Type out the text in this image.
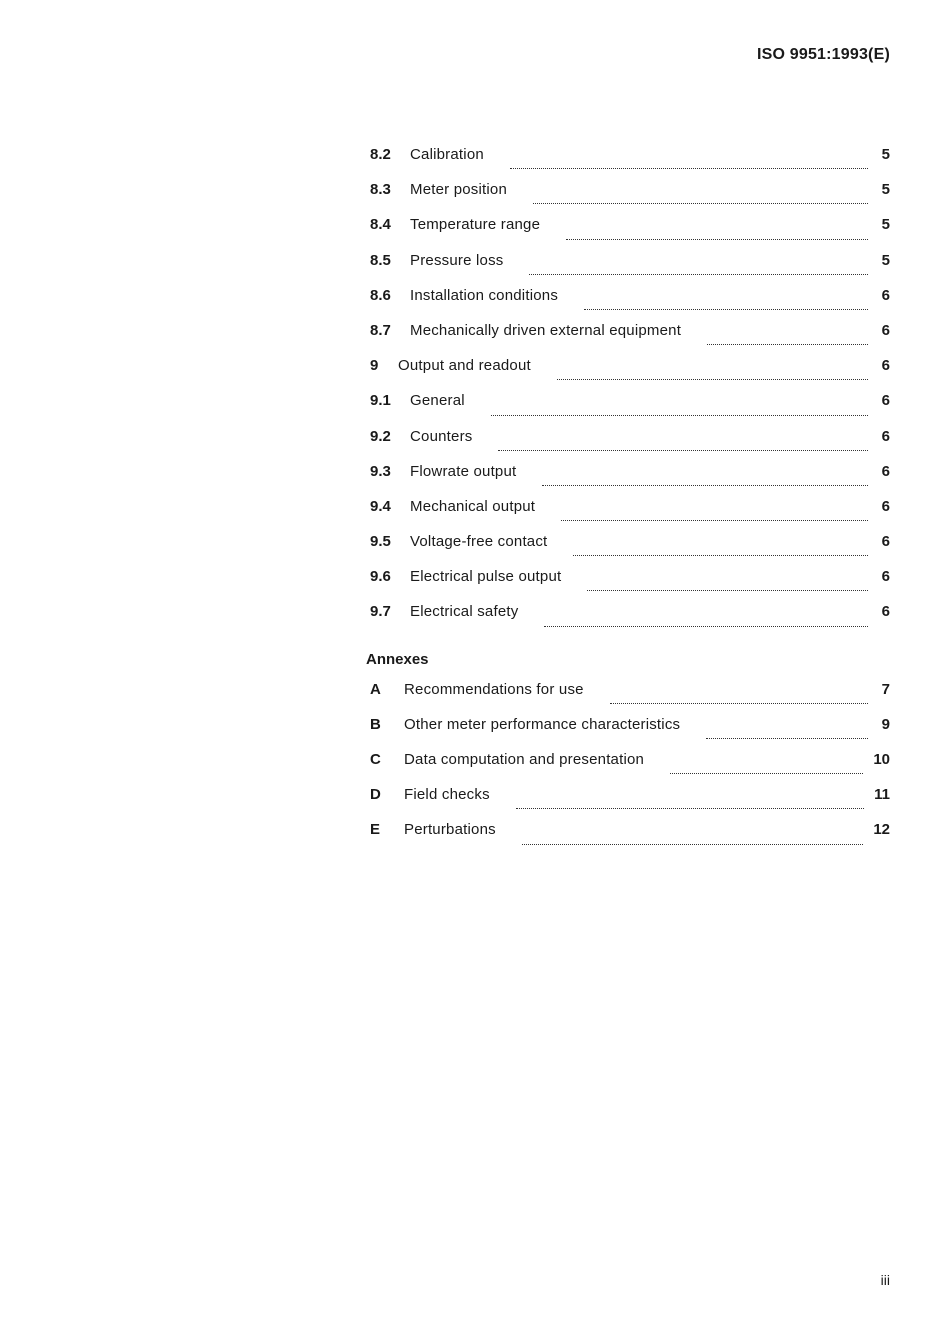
ISO 9951:1993(E)
8.2	Calibration	5
8.3	Meter position	5
8.4	Temperature range	5
8.5	Pressure loss	5
8.6	Installation conditions	6
8.7	Mechanically driven external equipment	6
9	Output and readout	6
9.1	General	6
9.2	Counters	6
9.3	Flowrate output	6
9.4	Mechanical output	6
9.5	Voltage-free contact	6
9.6	Electrical pulse output	6
9.7	Electrical safety	6
Annexes
A	Recommendations for use	7
B	Other meter performance characteristics	9
C	Data computation and presentation	10
D	Field checks	11
E	Perturbations	12
iii
